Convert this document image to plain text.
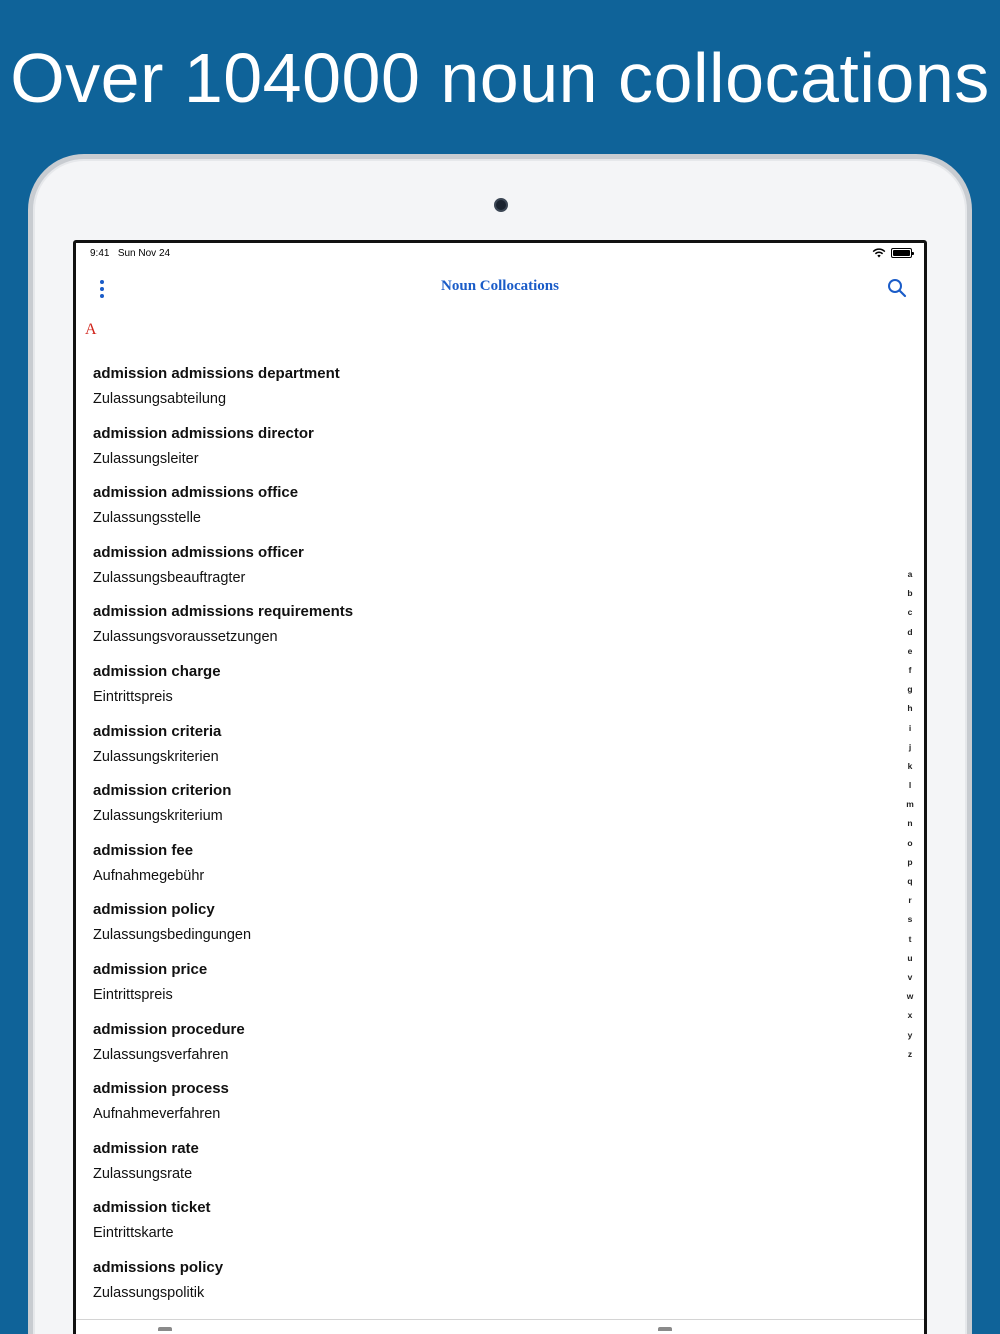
Over 104000 noun collocations
9:41 Sun Nov 24
Noun Collocations
A
admission admissions department
Zulassungsabteilung
admission admissions director
Zulassungsleiter
admission admissions office
Zulassungsstelle
admission admissions officer
Zulassungsbeauftragter
admission admissions requirements
Zulassungsvoraussetzungen
admission charge
Eintrittspreis
admission criteria
Zulassungskriterien
admission criterion
Zulassungskriterium
admission fee
Aufnahmegebühr
admission policy
Zulassungsbedingungen
admission price
Eintrittspreis
admission procedure
Zulassungsverfahren
admission process
Aufnahmeverfahren
admission rate
Zulassungsrate
admission ticket
Eintrittskarte
admissions policy
Zulassungspolitik
a
b
c
d
e
f
g
h
i
j
k
l
m
n
o
p
q
r
s
t
u
v
w
x
y
z
